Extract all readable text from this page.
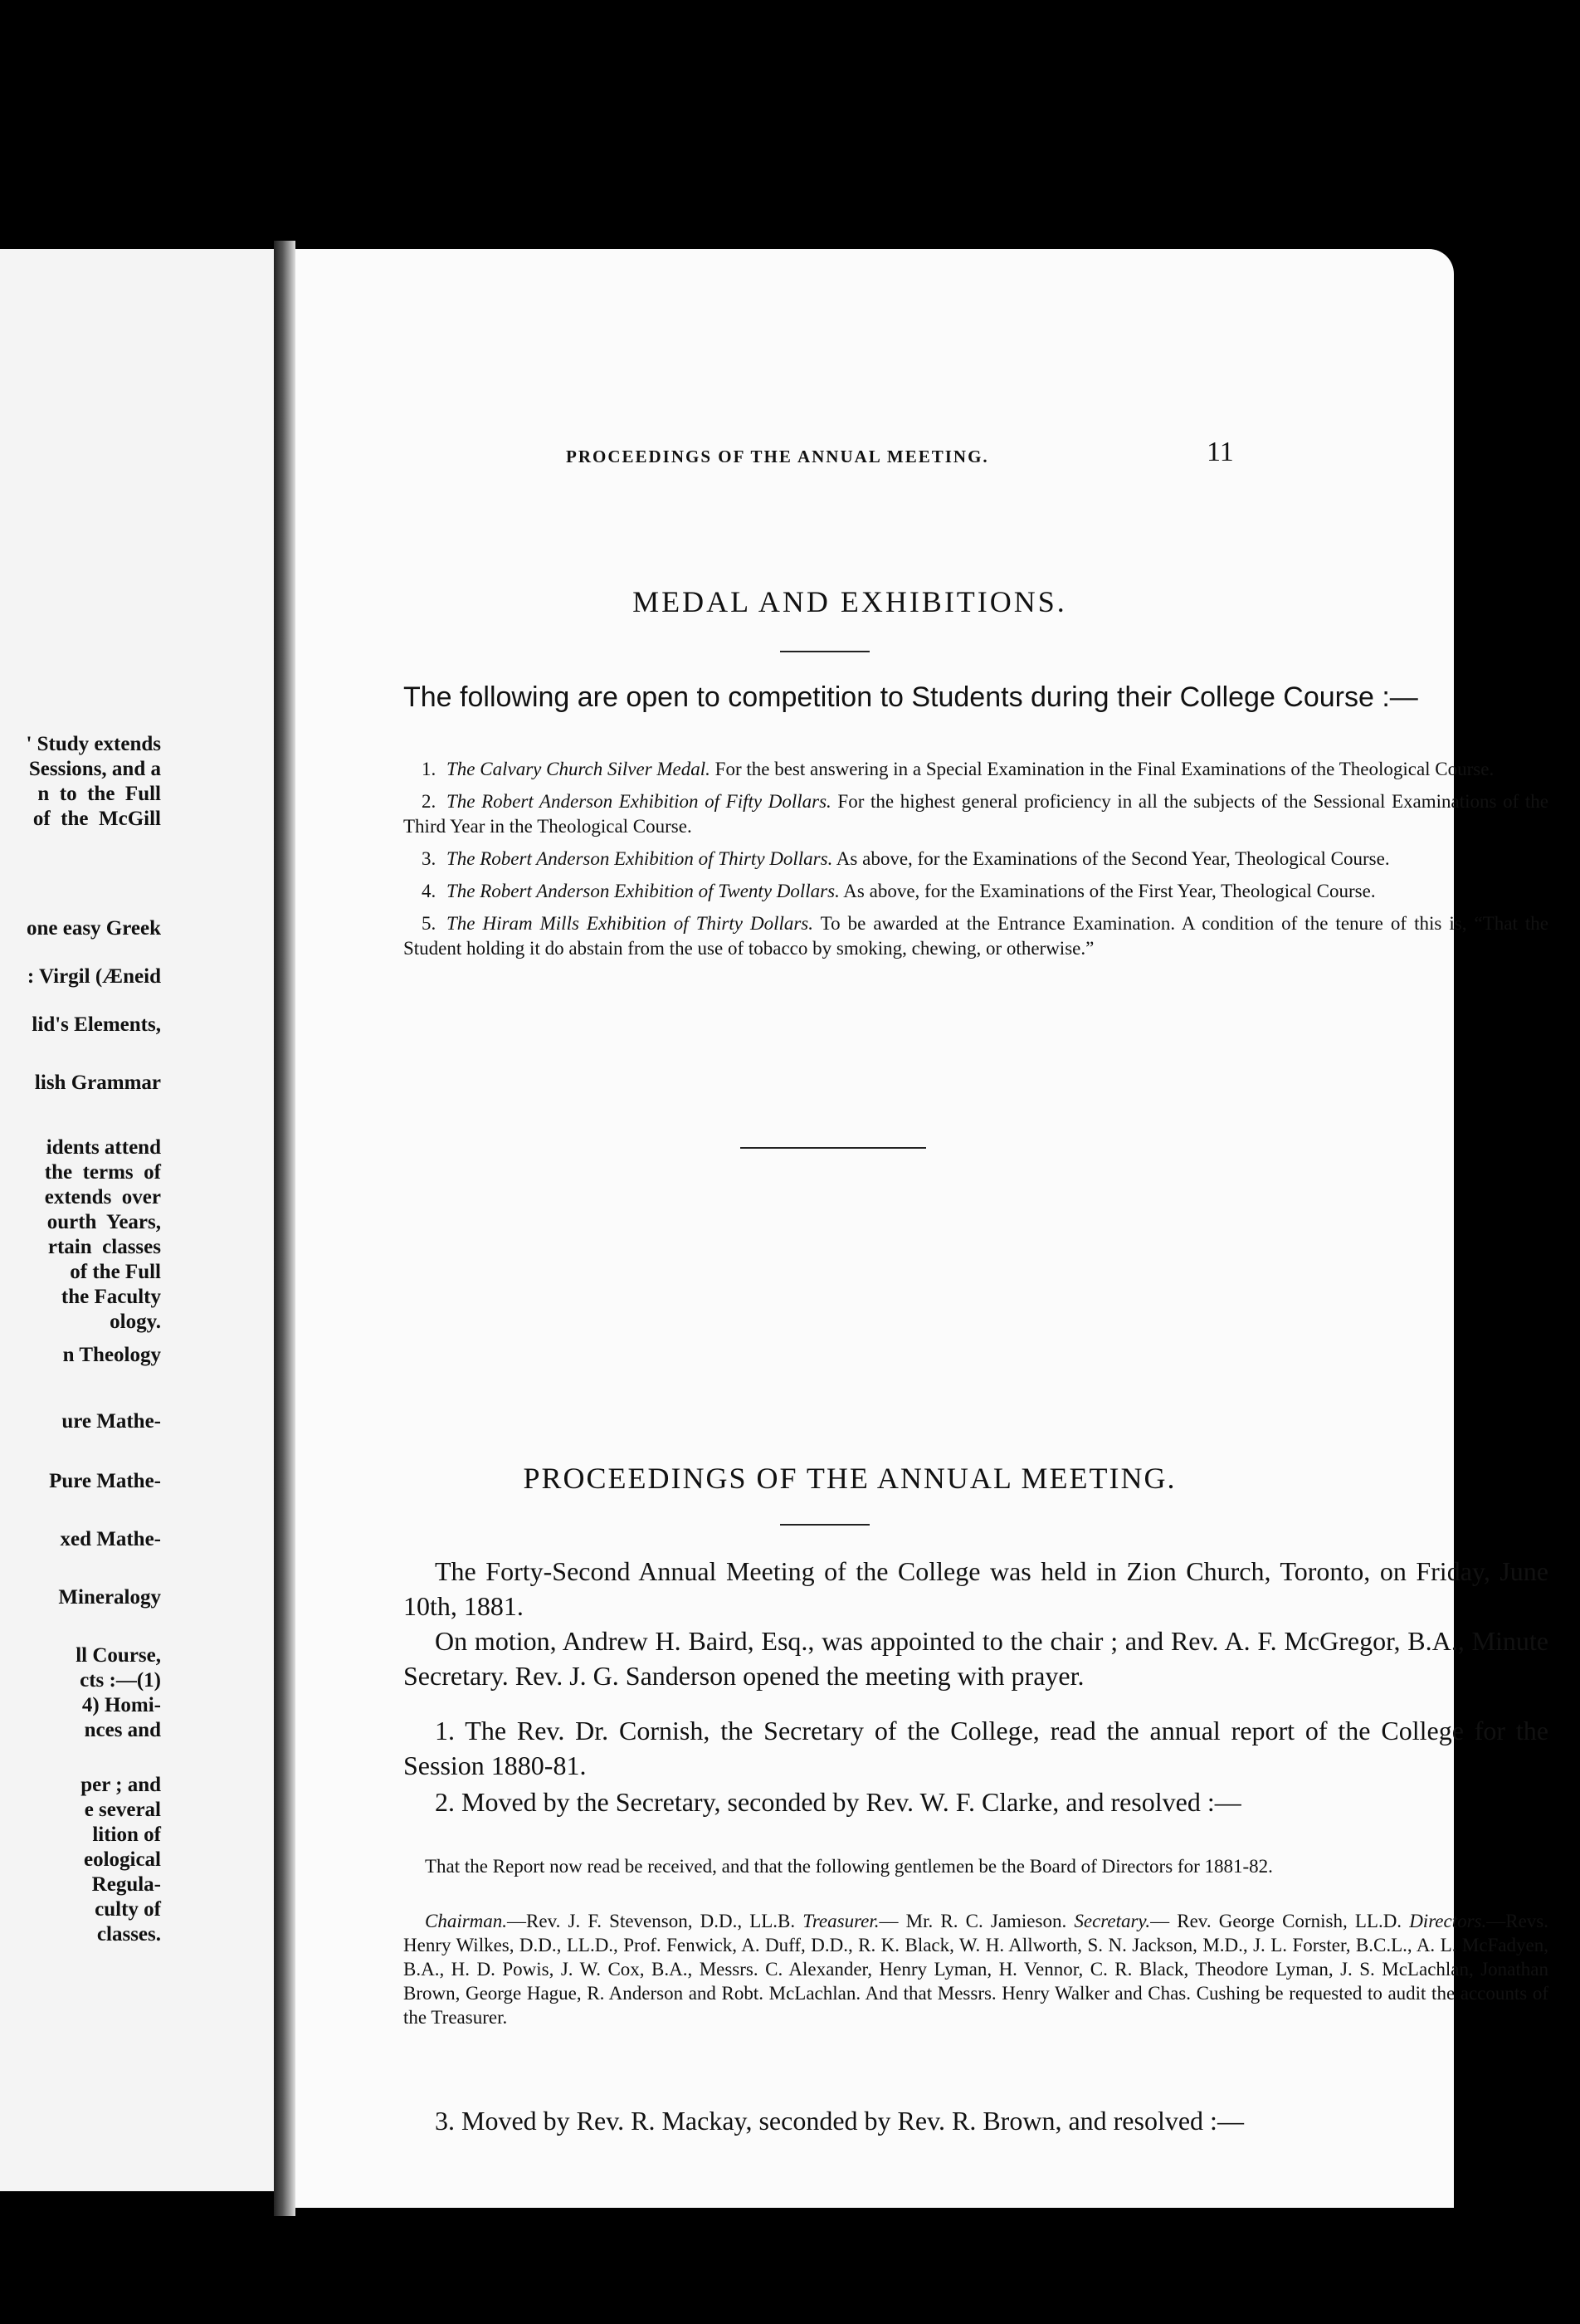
' Study extends
Sessions, and a
n  to  the  Full
of  the  McGill
one easy Greek
: Virgil (Æneid
lid's Elements,
lish Grammar
idents attend
the  terms  of
extends  over
ourth  Years,
rtain  classes
of the Full
the Faculty
ology.
n Theology
ure Mathe-
Pure Mathe-
xed Mathe-
Mineralogy
ll Course,
cts :—(1)
4) Homi-
nces and
per ; and
e several
lition of
eological
Regula-
culty of
classes.
PROCEEDINGS OF THE ANNUAL MEETING.	11
MEDAL AND EXHIBITIONS.
The following are open to competition to Students during their College Course :—
1. The Calvary Church Silver Medal. For the best answering in a Special Examination in the Final Examinations of the Theological Course.
2. The Robert Anderson Exhibition of Fifty Dollars. For the highest general proficiency in all the subjects of the Sessional Examinations of the Third Year in the Theological Course.
3. The Robert Anderson Exhibition of Thirty Dollars. As above, for the Examinations of the Second Year, Theological Course.
4. The Robert Anderson Exhibition of Twenty Dollars. As above, for the Examinations of the First Year, Theological Course.
5. The Hiram Mills Exhibition of Thirty Dollars. To be awarded at the Entrance Examination. A condition of the tenure of this is, “That the Student holding it do abstain from the use of tobacco by smoking, chewing, or otherwise.”
PROCEEDINGS OF THE ANNUAL MEETING.
The Forty-Second Annual Meeting of the College was held in Zion Church, Toronto, on Friday, June 10th, 1881.
On motion, Andrew H. Baird, Esq., was appointed to the chair ; and Rev. A. F. McGregor, B.A., Minute Secretary. Rev. J. G. Sanderson opened the meeting with prayer.
1. The Rev. Dr. Cornish, the Secretary of the College, read the annual report of the College for the Session 1880-81.
2. Moved by the Secretary, seconded by Rev. W. F. Clarke, and resolved :—
That the Report now read be received, and that the following gentlemen be the Board of Directors for 1881-82.
Chairman.—Rev. J. F. Stevenson, D.D., LL.B. Treasurer.— Mr. R. C. Jamieson. Secretary.— Rev. George Cornish, LL.D. Directors.—Revs. Henry Wilkes, D.D., LL.D., Prof. Fenwick, A. Duff, D.D., R. K. Black, W. H. Allworth, S. N. Jackson, M.D., J. L. Forster, B.C.L., A. L. McFadyen, B.A., H. D. Powis, J. W. Cox, B.A., Messrs. C. Alexander, Henry Lyman, H. Vennor, C. R. Black, Theodore Lyman, J. S. McLachlan, Jonathan Brown, George Hague, R. Anderson and Robt. McLachlan. And that Messrs. Henry Walker and Chas. Cushing be requested to audit the accounts of the Treasurer.
3. Moved by Rev. R. Mackay, seconded by Rev. R. Brown, and resolved :—
